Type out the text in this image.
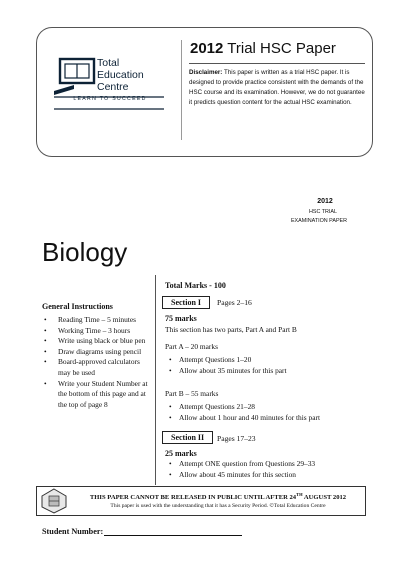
Total
Education
Centre
LEARN TO SUCCEED
2012 Trial HSC Paper
Disclaimer: This paper is written as a trial HSC paper. It is designed to provide practice consistent with the demands of the HSC course and its examination. However, we do not guarantee it predicts question content for the actual HSC examination.
2012
HSC TRIAL
EXAMINATION PAPER
Biology
General Instructions
• Reading Time – 5 minutes
• Working Time – 3 hours
• Write using black or blue pen
• Draw diagrams using pencil
• Board-approved calculators may be used
• Write your Student Number at the bottom of this page and at the top of page 8
Total Marks - 100
Section I	Pages 2–16
75 marks
This section has two parts, Part A and Part B
Part A – 20 marks
• Attempt Questions 1–20
• Allow about 35 minutes for this part
Part B – 55 marks
• Attempt Questions 21–28
• Allow about 1 hour and 40 minutes for this part
Section II	Pages 17–23
25 marks
• Attempt ONE question from Questions 29–33
• Allow about 45 minutes for this section
THIS PAPER CANNOT BE RELEASED IN PUBLIC UNTIL AFTER 24TH AUGUST 2012
This paper is used with the understanding that it has a Security Period. ©Total Education Centre
Student Number:
